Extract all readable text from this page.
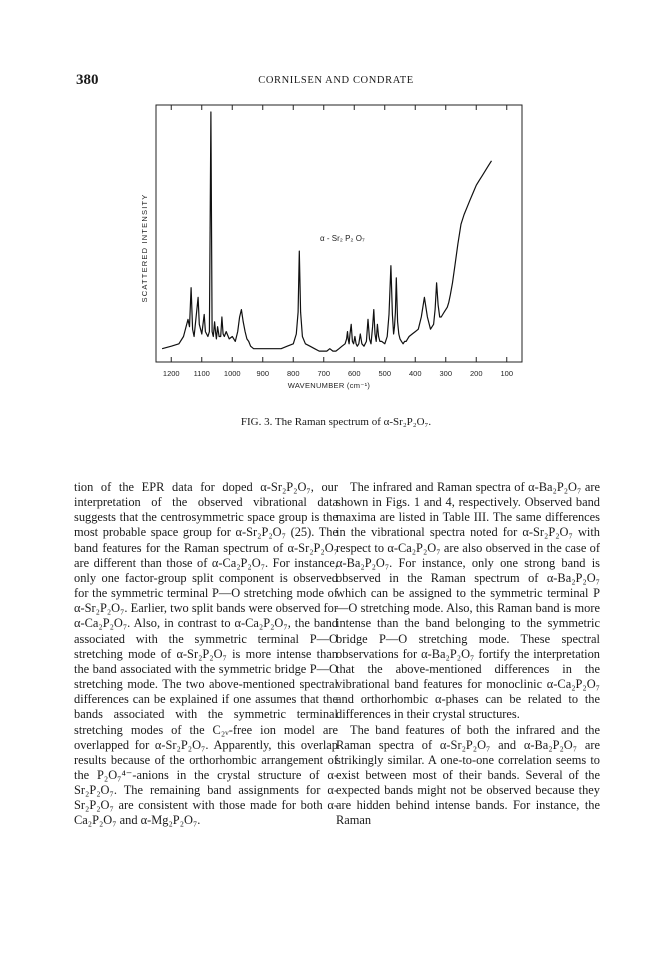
380	CORNILSEN AND CONDRATE
1200 1100 1000 900 800 700 600 500 400 300 200 100
WAVENUMBER (cm⁻¹)
SCATTERED INTENSITY	α - Sr₂ P₂ O₇
FIG. 3. The Raman spectrum of α-Sr₂P₂O₇.

tion of the EPR data for doped α-Sr₂P₂O₇, our interpretation of the observed vibrational data suggests that the centrosymmetric space group is the most probable space group for α-Sr₂P₂O₇ (25). The band features for the Raman spectrum of α-Sr₂P₂O₇ are different than those of α-Ca₂P₂O₇. For instance, only one factor-group split component is observed for the symmetric terminal P—O stretching mode of α-Sr₂P₂O₇. Earlier, two split bands were observed for α-Ca₂P₂O₇. Also, in contrast to α-Ca₂P₂O₇, the band associated with the symmetric terminal P—O stretching mode of α-Sr₂P₂O₇ is more intense than the band associated with the symmetric bridge P—O stretching mode. The two above-mentioned spectral differences can be explained if one assumes that the bands associated with the symmetric terminal stretching modes of the C₂ᵥ-free ion model are overlapped for α-Sr₂P₂O₇. Apparently, this overlap results because of the orthorhombic arrangement of the P₂O₇⁴⁻-anions in the crystal structure of α-Sr₂P₂O₇. The remaining band assignments for α-Sr₂P₂O₇ are consistent with those made for both α-Ca₂P₂O₇ and α-Mg₂P₂O₇.

The infrared and Raman spectra of α-Ba₂P₂O₇ are shown in Figs. 1 and 4, respectively. Observed band maxima are listed in Table III. The same differences in the vibrational spectra noted for α-Sr₂P₂O₇ with respect to α-Ca₂P₂O₇ are also observed in the case of α-Ba₂P₂O₇. For instance, only one strong band is observed in the Raman spectrum of α-Ba₂P₂O₇ which can be assigned to the symmetric terminal P—O stretching mode. Also, this Raman band is more intense than the band belonging to the symmetric bridge P—O stretching mode. These spectral observations for α-Ba₂P₂O₇ fortify the interpretation that the above-mentioned differences in the vibrational band features for monoclinic α-Ca₂P₂O₇ and orthorhombic α-phases can be related to the differences in their crystal structures.

The band features of both the infrared and the Raman spectra of α-Sr₂P₂O₇ and α-Ba₂P₂O₇ are strikingly similar. A one-to-one correlation seems to exist between most of their bands. Several of the expected bands might not be observed because they are hidden behind intense bands. For instance, the Raman
